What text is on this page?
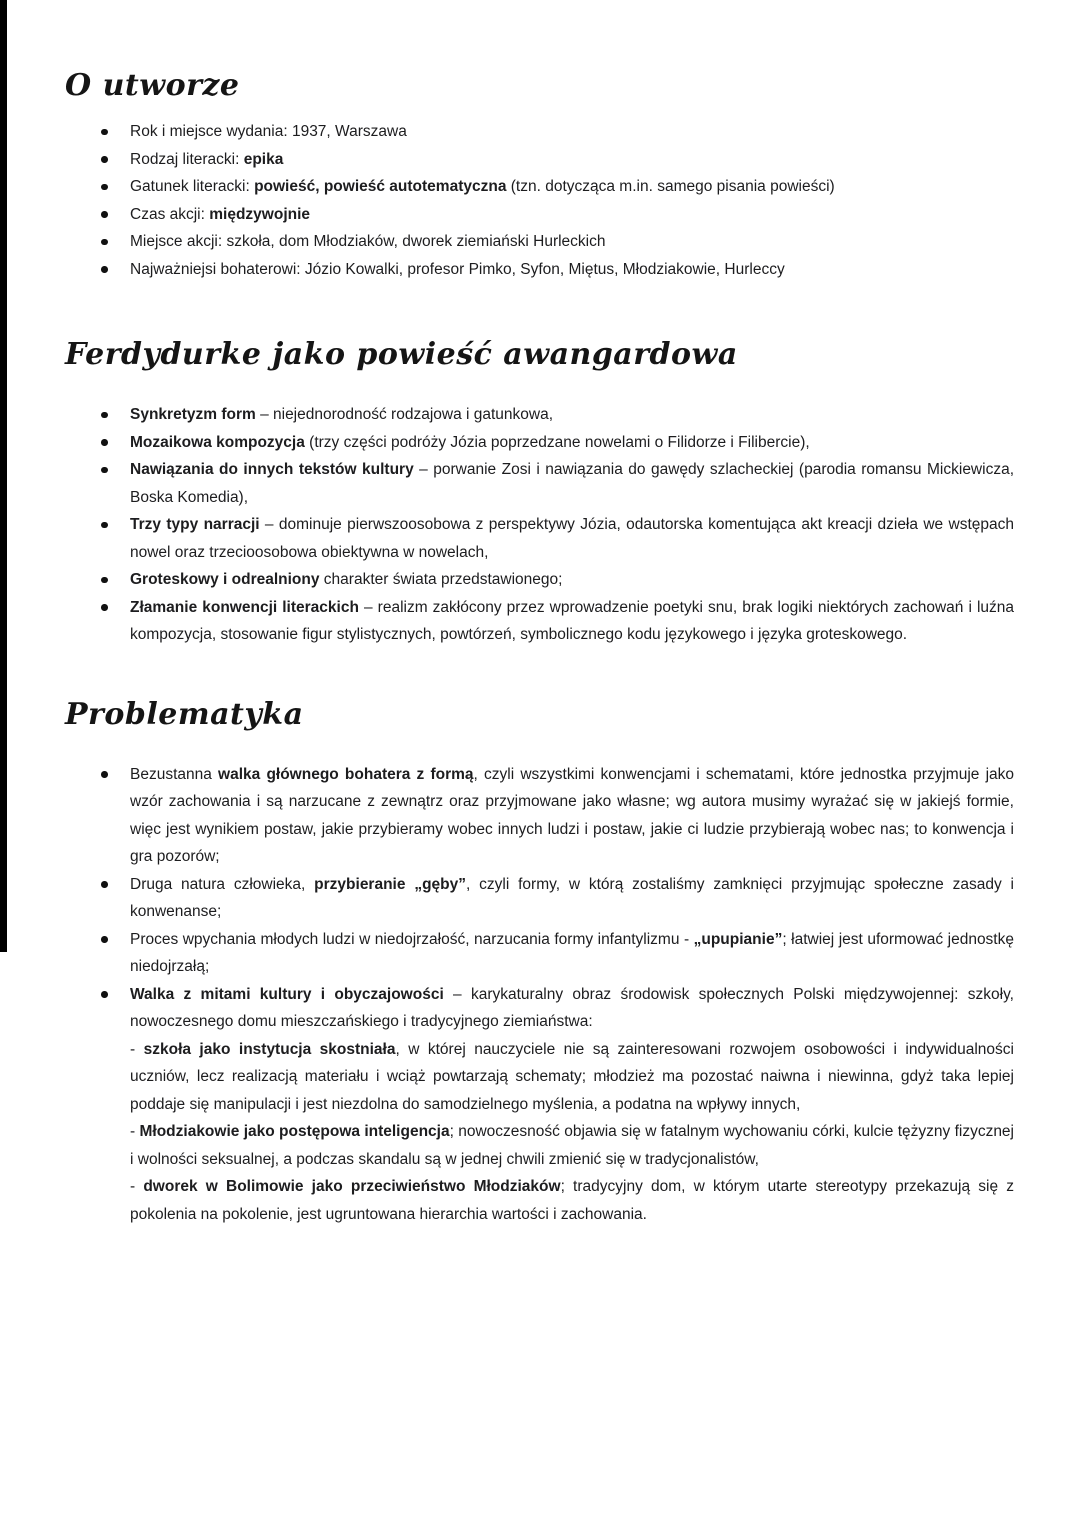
O utworze
Rok i miejsce wydania: 1937, Warszawa
Rodzaj literacki: epika
Gatunek literacki: powieść, powieść autotematyczna (tzn. dotycząca m.in. samego pisania powieści)
Czas akcji: międzywojnie
Miejsce akcji: szkoła, dom Młodziaków, dworek ziemiański Hurleckich
Najważniejsi bohaterowi: Józio Kowalki, profesor Pimko, Syfon, Miętus, Młodziakowie, Hurleccy
Ferdydurke jako powieść awangardowa
Synkretyzm form – niejednorodność rodzajowa i gatunkowa,
Mozaikowa kompozycja (trzy części podróży Józia poprzedzane nowelami o Filidorze i Filibercie),
Nawiązania do innych tekstów kultury – porwanie Zosi i nawiązania do gawędy szlacheckiej (parodia romansu Mickiewicza, Boska Komedia),
Trzy typy narracji – dominuje pierwszoosobowa z perspektywy Józia, odautorska komentująca akt kreacji dzieła we wstępach nowel oraz trzecioosobowa obiektywna w nowelach,
Groteskowy i odrealniony charakter świata przedstawionego;
Złamanie konwencji literackich – realizm zakłócony przez wprowadzenie poetyki snu, brak logiki niektórych zachowań i luźna kompozycja, stosowanie figur stylistycznych, powtórzeń, symbolicznego kodu językowego i języka groteskowego.
Problematyka
Bezustanna walka głównego bohatera z formą, czyli wszystkimi konwencjami i schematami, które jednostka przyjmuje jako wzór zachowania i są narzucane z zewnątrz oraz przyjmowane jako własne; wg autora musimy wyrażać się w jakiejś formie, więc jest wynikiem postaw, jakie przybieramy wobec innych ludzi i postaw, jakie ci ludzie przybierają wobec nas; to konwencja i gra pozorów;
Druga natura człowieka, przybieranie „gęby”, czyli formy, w którą zostaliśmy zamknięci przyjmując społeczne zasady i konwenanse;
Proces wpychania młodych ludzi w niedojrzałość, narzucania formy infantylizmu - „upupianie”; łatwiej jest uformować jednostkę niedojrzałą;
Walka z mitami kultury i obyczajowości – karykaturalny obraz środowisk społecznych Polski międzywojennej: szkoły, nowoczesnego domu mieszczańskiego i tradycyjnego ziemiaństwa:
- szkoła jako instytucja skostniała, w której nauczyciele nie są zainteresowani rozwojem osobowości i indywidualności uczniów, lecz realizacją materiału i wciąż powtarzają schematy; młodzież ma pozostać naiwna i niewinna, gdyż taka lepiej poddaje się manipulacji i jest niezdolna do samodzielnego myślenia, a podatna na wpływy innych,
- Młodziakowie jako postępowa inteligencja; nowoczesność objawia się w fatalnym wychowaniu córki, kulcie tężyzny fizycznej i wolności seksualnej, a podczas skandalu są w jednej chwili zmienić się w tradycjonalistów,
- dworek w Bolimowie jako przeciwieństwo Młodziaków; tradycyjny dom, w którym utarte stereotypy przekazują się z pokolenia na pokolenie, jest ugruntowana hierarchia wartości i zachowania.
